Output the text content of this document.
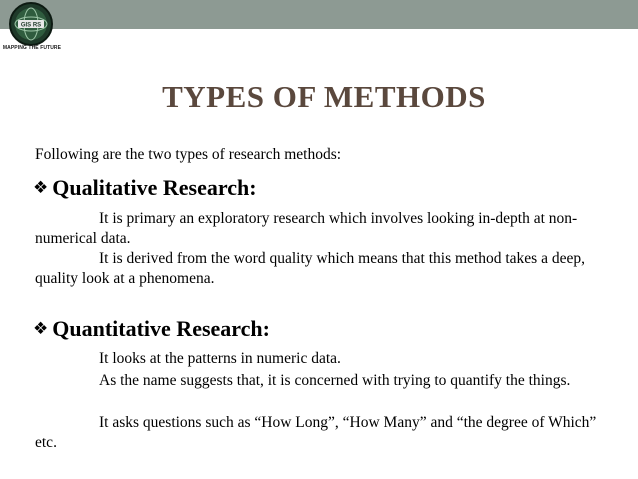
GIS RS
MAPPING THE FUTURE
TYPES OF METHODS
Following are the two types of research methods:
❖ Qualitative Research:

It is primary an exploratory research which involves looking in-depth at non-numerical data.

It is derived from the word quality which means that this method takes a deep, quality look at a phenomena.

❖ Quantitative Research:

It looks at the patterns in numeric data.

As the name suggests that, it is concerned with trying to quantify the things.

It asks questions such as “How Long”, “How Many” and “the degree of Which” etc.
